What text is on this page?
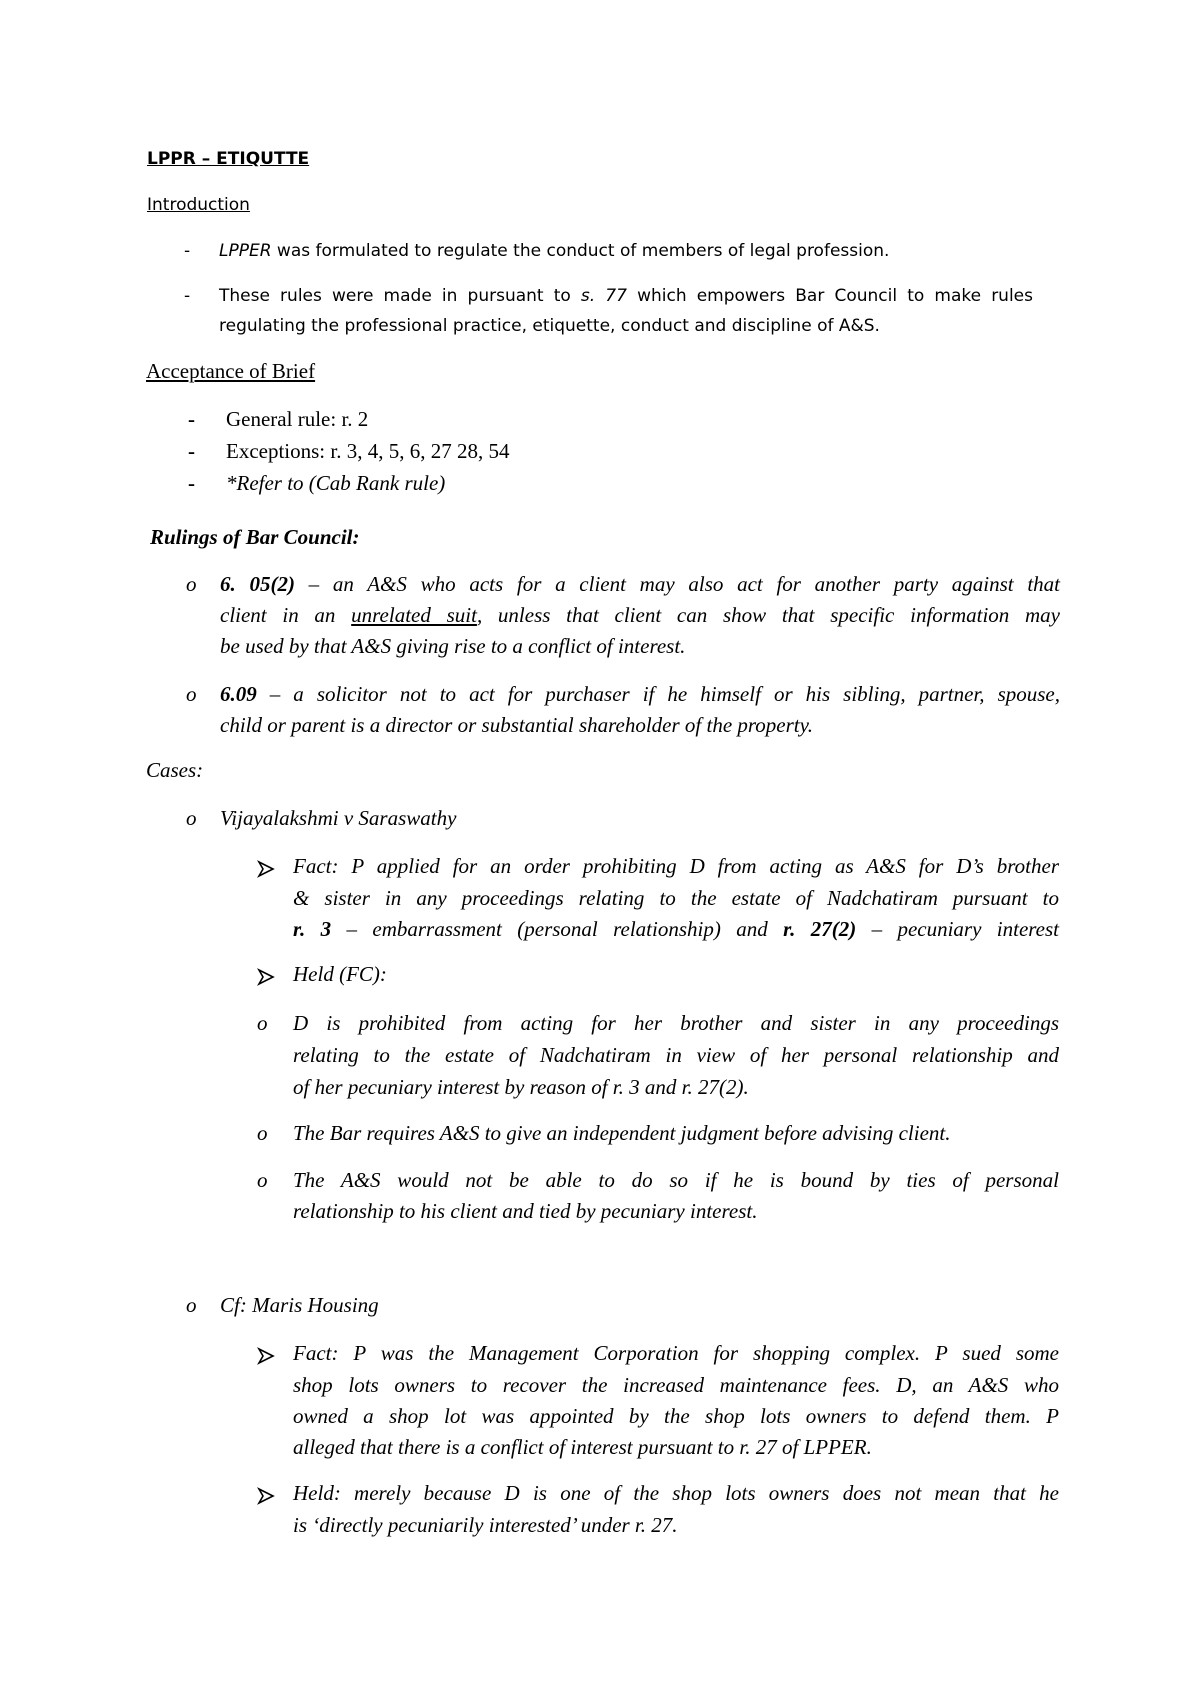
LPPR – ETIQUTTE
Introduction
- LPPER was formulated to regulate the conduct of members of legal profession.
- These rules were made in pursuant to s. 77 which empowers Bar Council to make rules
regulating the professional practice, etiquette, conduct and discipline of A&S.
Acceptance of Brief
- General rule: r. 2
- Exceptions: r. 3, 4, 5, 6, 27 28, 54
- *Refer to (Cab Rank rule)
Rulings of Bar Council:
o 6. 05(2) – an A&S who acts for a client may also act for another party against that
client in an unrelated suit, unless that client can show that specific information may
be used by that A&S giving rise to a conflict of interest.
o 6.09 – a solicitor not to act for purchaser if he himself or his sibling, partner, spouse,
child or parent is a director or substantial shareholder of the property.
Cases:
o Vijayalakshmi v Saraswathy
Fact: P applied for an order prohibiting D from acting as A&S for D’s brother
& sister in any proceedings relating to the estate of Nadchatiram pursuant to
r. 3 – embarrassment (personal relationship) and r. 27(2) – pecuniary interest
Held (FC):
o D is prohibited from acting for her brother and sister in any proceedings
relating to the estate of Nadchatiram in view of her personal relationship and
of her pecuniary interest by reason of r. 3 and r. 27(2).
o The Bar requires A&S to give an independent judgment before advising client.
o The A&S would not be able to do so if he is bound by ties of personal
relationship to his client and tied by pecuniary interest.
o Cf: Maris Housing
Fact: P was the Management Corporation for shopping complex. P sued some
shop lots owners to recover the increased maintenance fees. D, an A&S who
owned a shop lot was appointed by the shop lots owners to defend them. P
alleged that there is a conflict of interest pursuant to r. 27 of LPPER.
Held: merely because D is one of the shop lots owners does not mean that he
is ‘directly pecuniarily interested’ under r. 27.
